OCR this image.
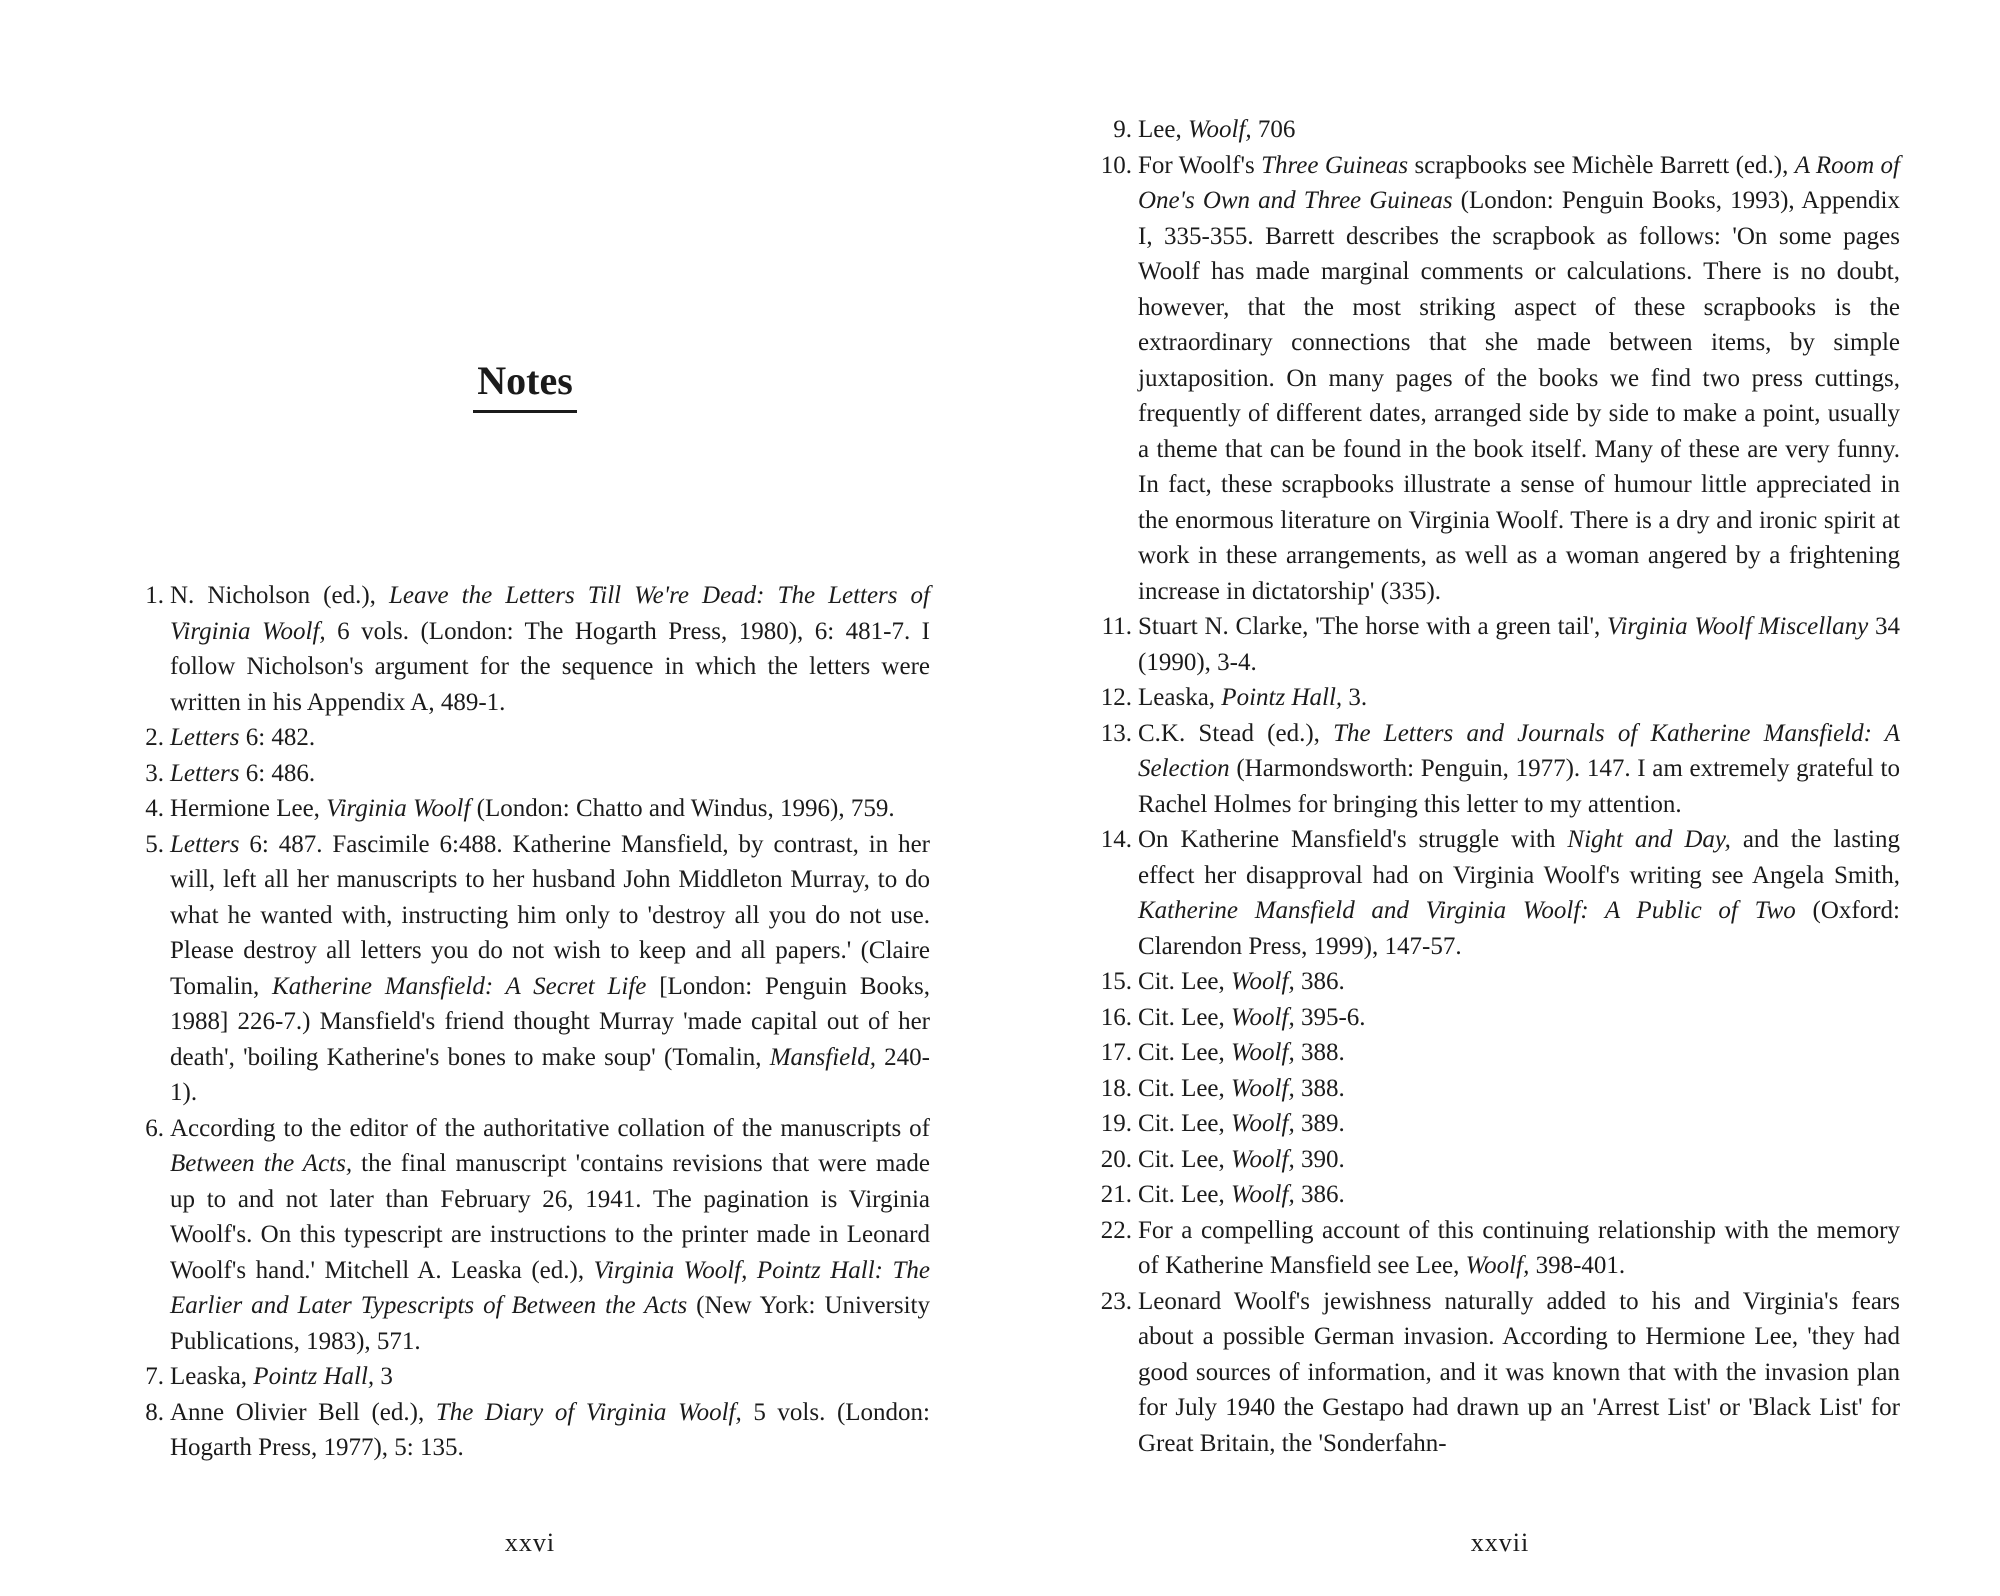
Notes
1. N. Nicholson (ed.), Leave the Letters Till We're Dead: The Letters of Virginia Woolf, 6 vols. (London: The Hogarth Press, 1980), 6: 481-7. I follow Nicholson's argument for the sequence in which the letters were written in his Appendix A, 489-1.
2. Letters 6: 482.
3. Letters 6: 486.
4. Hermione Lee, Virginia Woolf (London: Chatto and Windus, 1996), 759.
5. Letters 6: 487. Fascimile 6:488. Katherine Mansfield, by contrast, in her will, left all her manuscripts to her husband John Middleton Murray, to do what he wanted with, instructing him only to 'destroy all you do not use. Please destroy all letters you do not wish to keep and all papers.' (Claire Tomalin, Katherine Mansfield: A Secret Life [London: Penguin Books, 1988] 226-7.) Mansfield's friend thought Murray 'made capital out of her death', 'boiling Katherine's bones to make soup' (Tomalin, Mansfield, 240-1).
6. According to the editor of the authoritative collation of the manuscripts of Between the Acts, the final manuscript 'contains revisions that were made up to and not later than February 26, 1941. The pagination is Virginia Woolf's. On this typescript are instructions to the printer made in Leonard Woolf's hand.' Mitchell A. Leaska (ed.), Virginia Woolf, Pointz Hall: The Earlier and Later Typescripts of Between the Acts (New York: University Publications, 1983), 571.
7. Leaska, Pointz Hall, 3
8. Anne Olivier Bell (ed.), The Diary of Virginia Woolf, 5 vols. (London: Hogarth Press, 1977), 5: 135.
xxvi
9. Lee, Woolf, 706
10. For Woolf's Three Guineas scrapbooks see Michèle Barrett (ed.), A Room of One's Own and Three Guineas (London: Penguin Books, 1993), Appendix I, 335-355. Barrett describes the scrapbook as follows: 'On some pages Woolf has made marginal comments or calculations. There is no doubt, however, that the most striking aspect of these scrapbooks is the extraordinary connections that she made between items, by simple juxtaposition. On many pages of the books we find two press cuttings, frequently of different dates, arranged side by side to make a point, usually a theme that can be found in the book itself. Many of these are very funny. In fact, these scrapbooks illustrate a sense of humour little appreciated in the enormous literature on Virginia Woolf. There is a dry and ironic spirit at work in these arrangements, as well as a woman angered by a frightening increase in dictatorship' (335).
11. Stuart N. Clarke, 'The horse with a green tail', Virginia Woolf Miscellany 34 (1990), 3-4.
12. Leaska, Pointz Hall, 3.
13. C.K. Stead (ed.), The Letters and Journals of Katherine Mansfield: A Selection (Harmondsworth: Penguin, 1977). 147. I am extremely grateful to Rachel Holmes for bringing this letter to my attention.
14. On Katherine Mansfield's struggle with Night and Day, and the lasting effect her disapproval had on Virginia Woolf's writing see Angela Smith, Katherine Mansfield and Virginia Woolf: A Public of Two (Oxford: Clarendon Press, 1999), 147-57.
15. Cit. Lee, Woolf, 386.
16. Cit. Lee, Woolf, 395-6.
17. Cit. Lee, Woolf, 388.
18. Cit. Lee, Woolf, 388.
19. Cit. Lee, Woolf, 389.
20. Cit. Lee, Woolf, 390.
21. Cit. Lee, Woolf, 386.
22. For a compelling account of this continuing relationship with the memory of Katherine Mansfield see Lee, Woolf, 398-401.
23. Leonard Woolf's jewishness naturally added to his and Virginia's fears about a possible German invasion. According to Hermione Lee, 'they had good sources of information, and it was known that with the invasion plan for July 1940 the Gestapo had drawn up an 'Arrest List' or 'Black List' for Great Britain, the 'Sonderfahn-
xxvii
